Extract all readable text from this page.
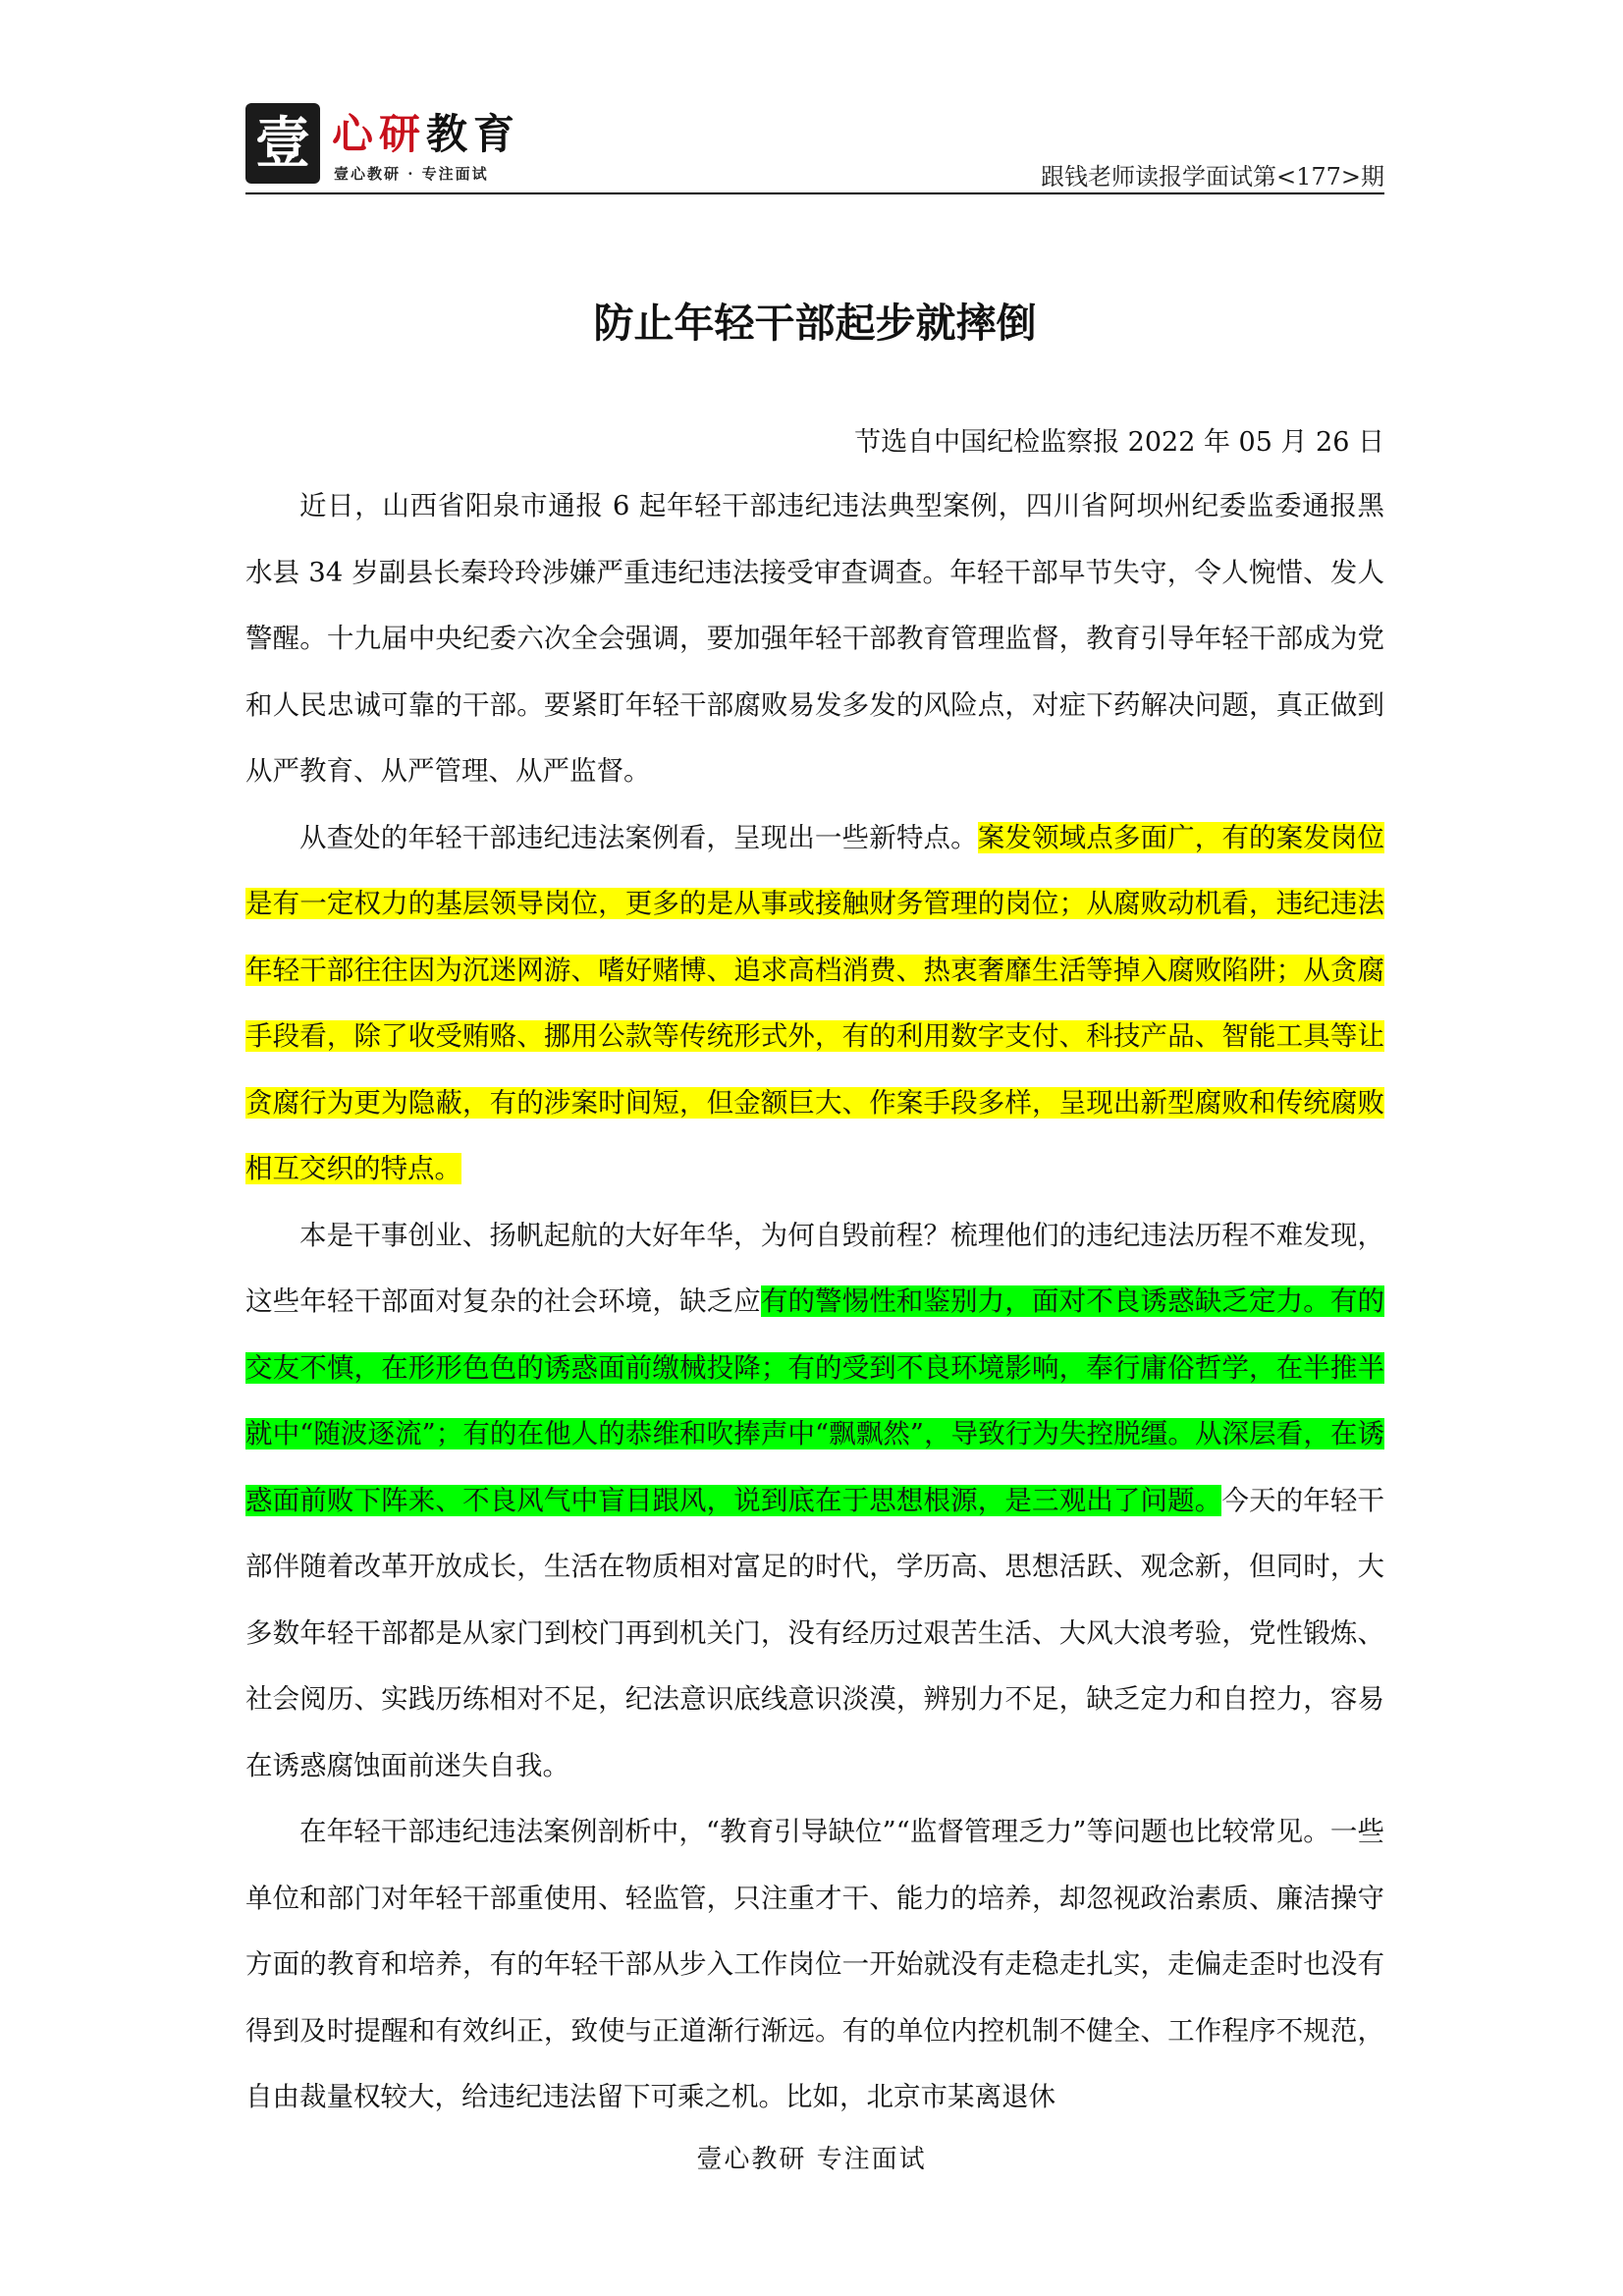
壹 心研教育
壹心教研 · 专注面试	跟钱老师读报学面试第<177>期
防止年轻干部起步就摔倒
节选自中国纪检监察报 2022 年 05 月 26 日

近日，山西省阳泉市通报 6 起年轻干部违纪违法典型案例，四川省阿坝州纪委监委通报黑水县 34 岁副县长秦玲玲涉嫌严重违纪违法接受审查调查。年轻干部早节失守，令人惋惜、发人警醒。十九届中央纪委六次全会强调，要加强年轻干部教育管理监督，教育引导年轻干部成为党和人民忠诚可靠的干部。要紧盯年轻干部腐败易发多发的风险点，对症下药解决问题，真正做到从严教育、从严管理、从严监督。

从查处的年轻干部违纪违法案例看，呈现出一些新特点。案发领域点多面广，有的案发岗位是有一定权力的基层领导岗位，更多的是从事或接触财务管理的岗位；从腐败动机看，违纪违法年轻干部往往因为沉迷网游、嗜好赌博、追求高档消费、热衷奢靡生活等掉入腐败陷阱；从贪腐手段看，除了收受贿赂、挪用公款等传统形式外，有的利用数字支付、科技产品、智能工具等让贪腐行为更为隐蔽，有的涉案时间短，但金额巨大、作案手段多样，呈现出新型腐败和传统腐败相互交织的特点。

本是干事创业、扬帆起航的大好年华，为何自毁前程？梳理他们的违纪违法历程不难发现，这些年轻干部面对复杂的社会环境，缺乏应有的警惕性和鉴别力，面对不良诱惑缺乏定力。有的交友不慎，在形形色色的诱惑面前缴械投降；有的受到不良环境影响，奉行庸俗哲学，在半推半就中“随波逐流”；有的在他人的恭维和吹捧声中“飘飘然”，导致行为失控脱缰。从深层看，在诱惑面前败下阵来、不良风气中盲目跟风，说到底在于思想根源，是三观出了问题。今天的年轻干部伴随着改革开放成长，生活在物质相对富足的时代，学历高、思想活跃、观念新，但同时，大多数年轻干部都是从家门到校门再到机关门，没有经历过艰苦生活、大风大浪考验，党性锻炼、社会阅历、实践历练相对不足，纪法意识底线意识淡漠，辨别力不足，缺乏定力和自控力，容易在诱惑腐蚀面前迷失自我。

在年轻干部违纪违法案例剖析中，“教育引导缺位”“监督管理乏力”等问题也比较常见。一些单位和部门对年轻干部重使用、轻监管，只注重才干、能力的培养，却忽视政治素质、廉洁操守方面的教育和培养，有的年轻干部从步入工作岗位一开始就没有走稳走扎实，走偏走歪时也没有得到及时提醒和有效纠正，致使与正道渐行渐远。有的单位内控机制不健全、工作程序不规范，自由裁量权较大，给违纪违法留下可乘之机。比如，北京市某离退休

壹心教研 专注面试
